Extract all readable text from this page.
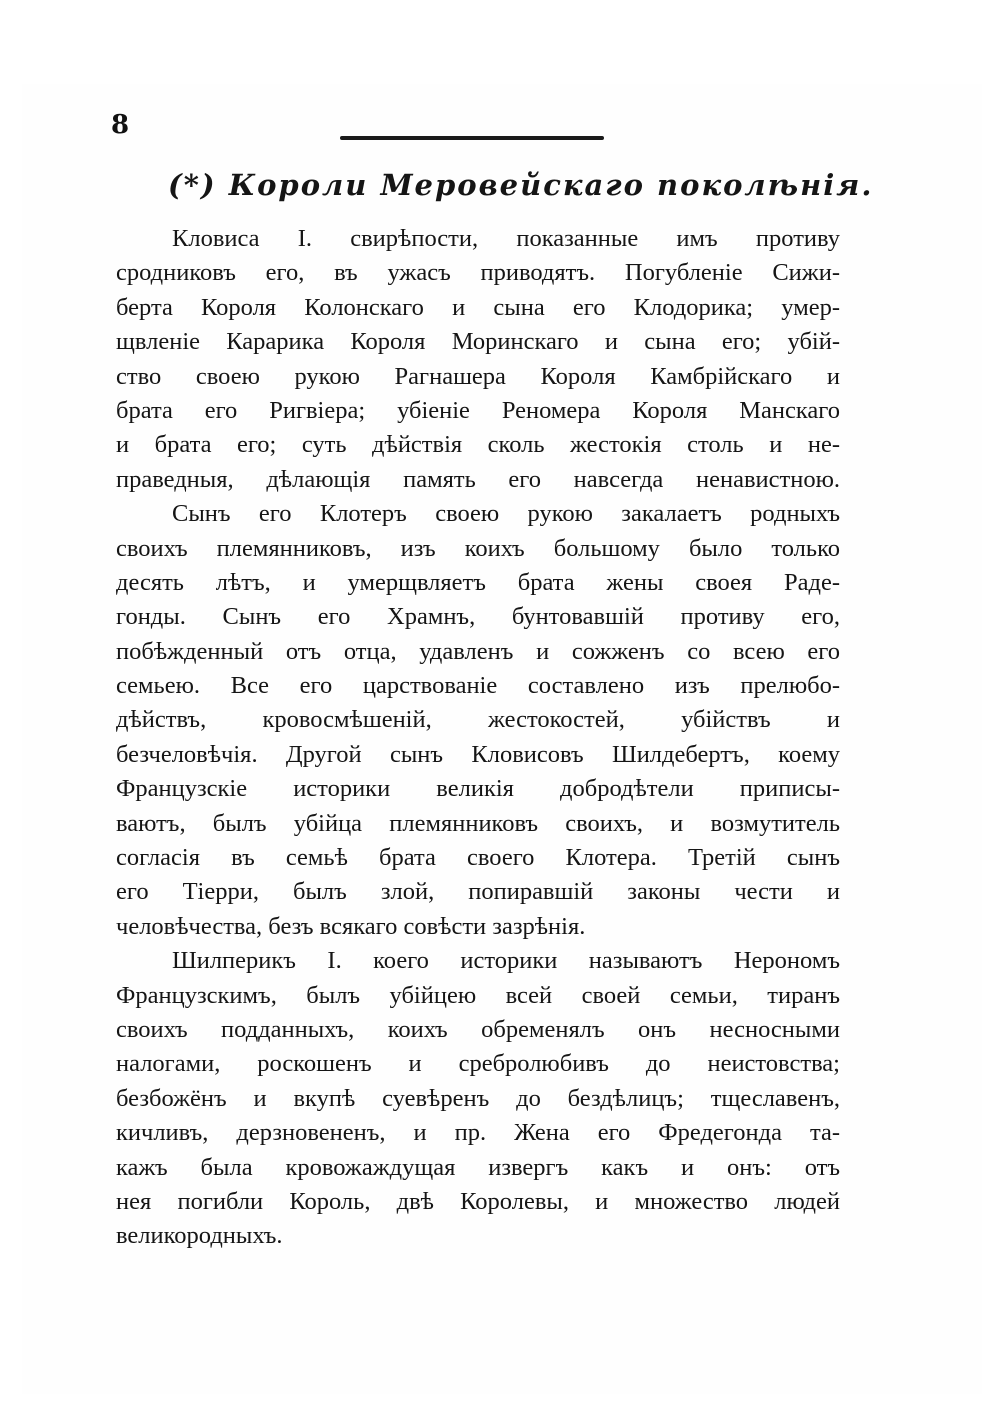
8
(*) Короли Меровейскаго поколѣнія.
Кловиса I. свирѣпости, показанные имъ противу
сродниковъ его, въ ужасъ приводятъ. Погубленіе Сижи-
берта Короля Колонскаго и сына его Клодорика; умер-
щвленіе Карарика Короля Моринскаго и сына его; убій-
ство своею рукою Рагнашера Короля Камбрійскаго и
брата его Ригвіера; убіеніе Реномера Короля Манскаго
и брата его; суть дѣйствія сколь жестокія столь и не-
праведныя, дѣлающія память его навсегда ненавистною.
Сынъ его Клотеръ своею рукою закалаетъ родныхъ
своихъ племянниковъ, изъ коихъ большому было только
десять лѣтъ, и умерщвляетъ брата жены своея Раде-
гонды. Сынъ его Храмнъ, бунтовавшій противу его,
побѣжденный отъ отца, удавленъ и сожженъ со всею его
семьею. Все его царствованіе составлено изъ прелюбо-
дѣйствъ, кровосмѣшеній, жестокостей, убійствъ и
безчеловѣчія. Другой сынъ Кловисовъ Шилдебертъ, коему
Французскіе историки великія добродѣтели приписы-
ваютъ, былъ убійца племянниковъ своихъ, и возмутитель
согласія въ семьѣ брата своего Клотера. Третій сынъ
его Тіерри, былъ злой, попиравшій законы чести и
человѣчества, безъ всякаго совѣсти зазрѣнія.
Шилперикъ I. коего историки называютъ Нерономъ
Французскимъ, былъ убійцею всей своей семьи, тиранъ
своихъ подданныхъ, коихъ обременялъ онъ несносными
налогами, роскошенъ и сребролюбивъ до неистовства;
безбожёнъ и вкупѣ суевѣренъ до бездѣлицъ; тщеславенъ,
кичливъ, дерзновененъ, и пр. Жена его Фредегонда та-
кажъ была кровожаждущая извергъ какъ и онъ: отъ
нея погибли Король, двѣ Королевы, и множество людей
великородныхъ.
